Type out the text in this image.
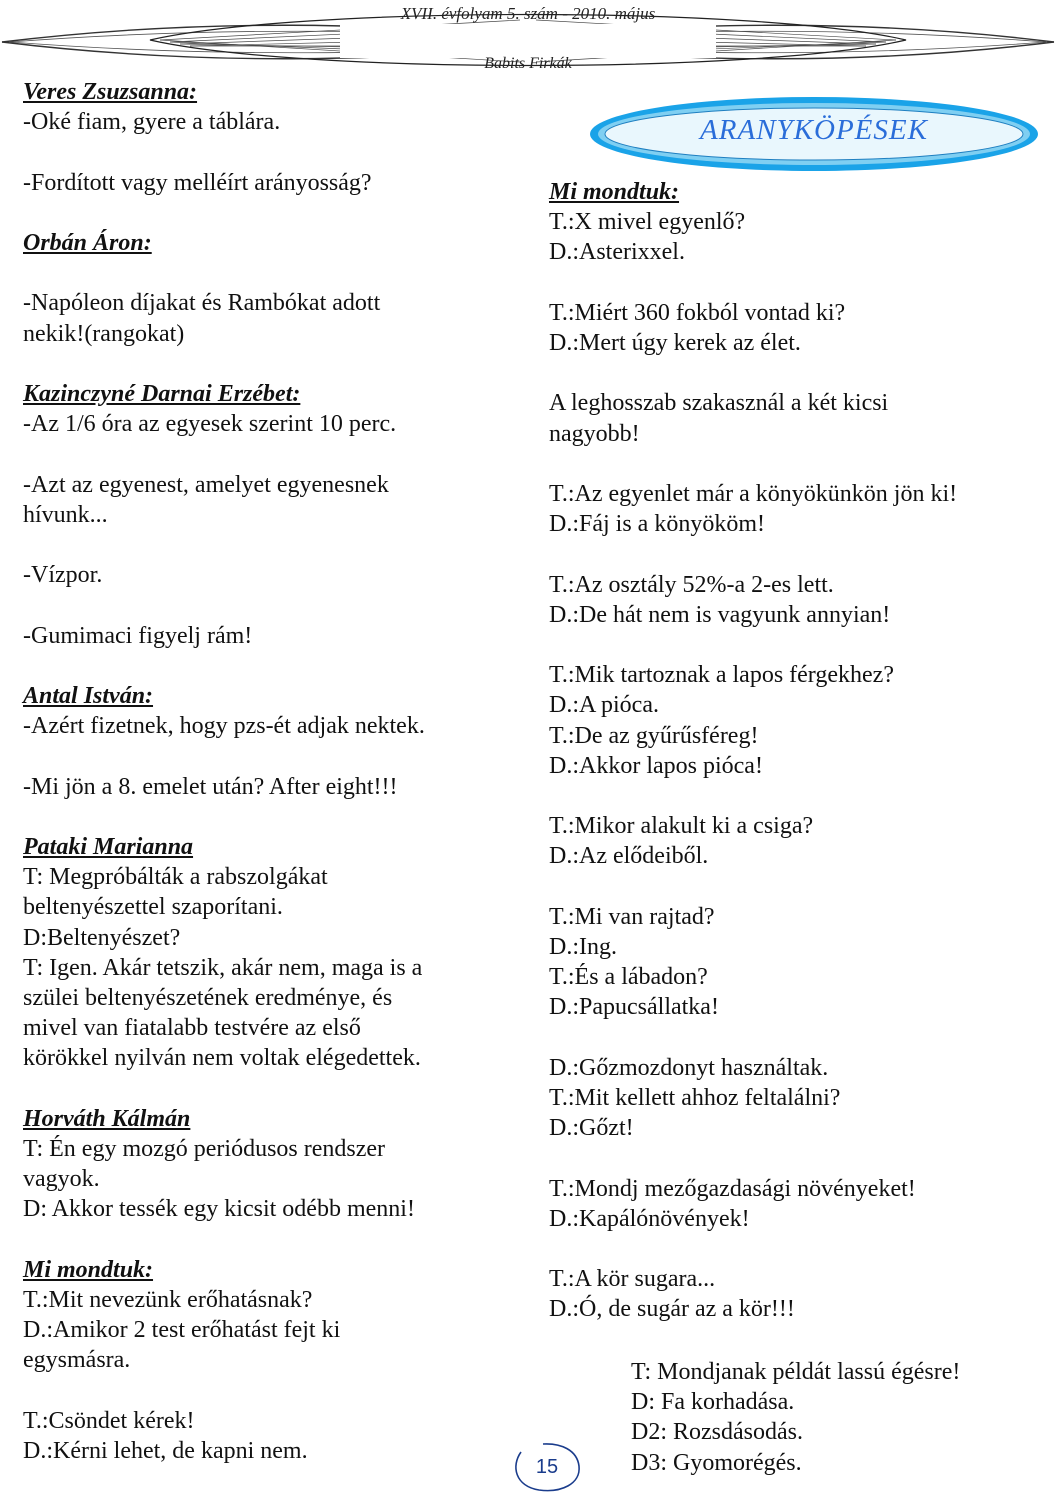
XVII. évfolyam 5. szám - 2010. május
Babits Firkák
ARANYKÖPÉSEK
Veres Zsuzsanna:
-Oké fiam, gyere a táblára.
-Fordított vagy melléírt arányosság?
Orbán Áron:
-Napóleon díjakat és Rambókat adott
nekik!(rangokat)
Kazinczyné Darnai Erzébet:
-Az 1/6 óra az egyesek szerint 10 perc.
-Azt az egyenest, amelyet egyenesnek
hívunk...
-Vízpor.
-Gumimaci figyelj rám!
Antal István:
-Azért fizetnek, hogy pzs-ét adjak nektek.
-Mi jön a 8. emelet után? After eight!!!
Pataki Marianna
T: Megpróbálták a rabszolgákat
beltenyészettel szaporítani.
D:Beltenyészet?
T: Igen. Akár tetszik, akár nem, maga is a
szülei beltenyészetének eredménye, és
mivel van fiatalabb testvére az első
körökkel nyilván nem voltak elégedettek.
Horváth Kálmán
T: Én egy mozgó periódusos rendszer
vagyok.
D: Akkor tessék egy kicsit odébb menni!
Mi mondtuk:
T.:Mit nevezünk erőhatásnak?
D.:Amikor 2 test erőhatást fejt ki
egysmásra.
T.:Csöndet kérek!
D.:Kérni lehet, de kapni nem.
Mi mondtuk:
T.:X mivel egyenlő?
D.:Asterixxel.
T.:Miért 360 fokból vontad ki?
D.:Mert úgy kerek az élet.
A leghosszab szakasznál a két kicsi
nagyobb!
T.:Az egyenlet már a könyökünkön jön ki!
D.:Fáj is a könyököm!
T.:Az osztály 52%-a 2-es lett.
D.:De hát nem is vagyunk annyian!
T.:Mik tartoznak a lapos férgekhez?
D.:A pióca.
T.:De az gyűrűsféreg!
D.:Akkor lapos pióca!
T.:Mikor alakult ki a csiga?
D.:Az elődeiből.
T.:Mi van rajtad?
D.:Ing.
T.:És a lábadon?
D.:Papucsállatka!
D.:Gőzmozdonyt használtak.
T.:Mit kellett ahhoz feltalálni?
D.:Gőzt!
T.:Mondj mezőgazdasági növényeket!
D.:Kapálónövények!
T.:A kör sugara...
D.:Ó, de sugár az a kör!!!
T: Mondjanak példát lassú égésre!
D: Fa korhadása.
D2: Rozsdásodás.
D3: Gyomorégés.
15
